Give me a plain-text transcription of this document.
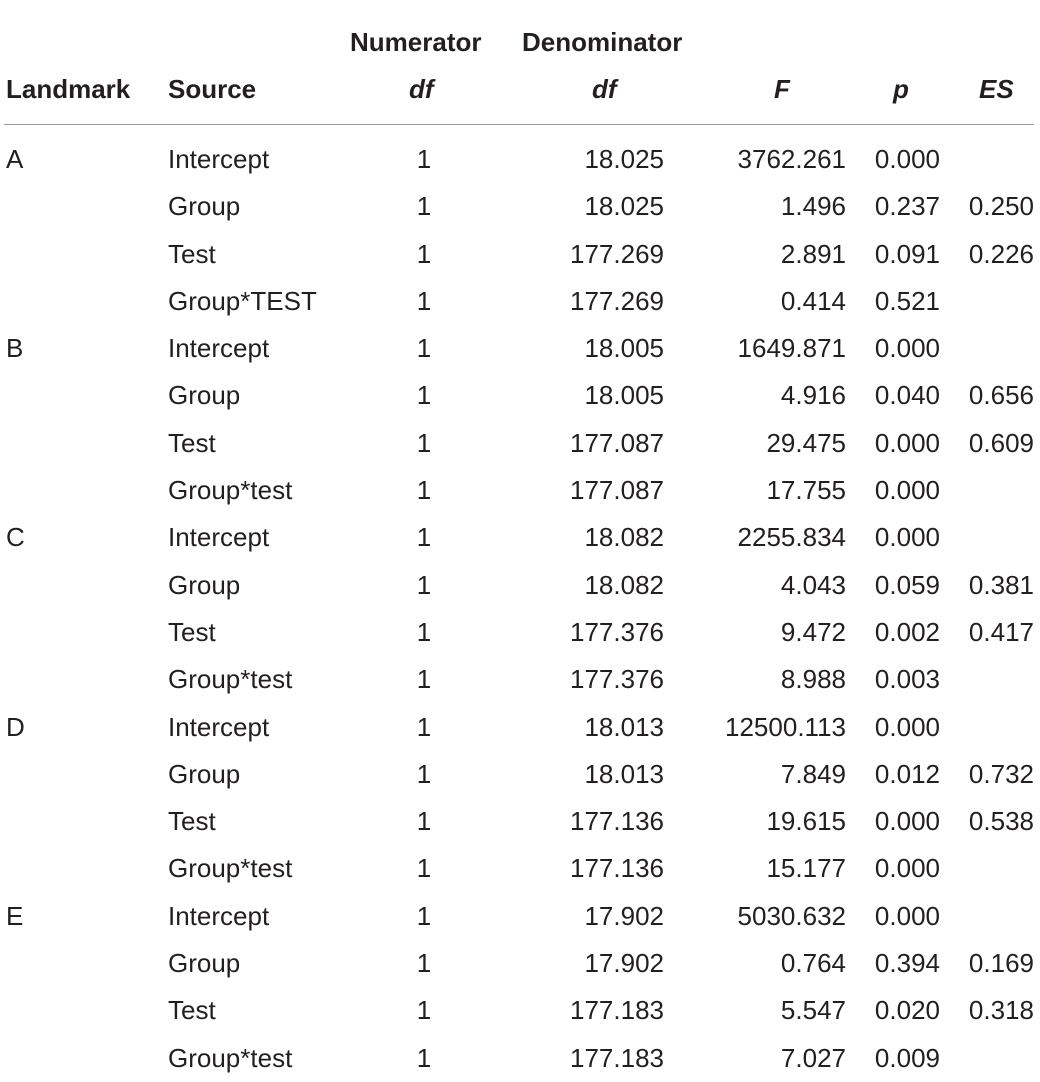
Numerator Denominator
Landmark Source	df	df	F	p	ES
A	Intercept	1	18.025	3762.261 0.000
Group	1	18.025	1.496 0.237 0.250
Test	1	177.269	2.891 0.091 0.226
Group*TEST	1	177.269	0.414 0.521
B	Intercept	1	18.005	1649.871 0.000
Group	1	18.005	4.916 0.040 0.656
Test	1	177.087	29.475 0.000 0.609
Group*test	1	177.087	17.755 0.000
C	Intercept	1	18.082	2255.834 0.000
Group	1	18.082	4.043 0.059 0.381
Test	1	177.376	9.472 0.002 0.417
Group*test	1	177.376	8.988 0.003
D	Intercept	1	18.013 12500.113 0.000
Group	1	18.013	7.849 0.012 0.732
Test	1	177.136	19.615 0.000 0.538
Group*test	1	177.136	15.177 0.000
E	Intercept	1	17.902	5030.632 0.000
Group	1	17.902	0.764 0.394 0.169
Test	1	177.183	5.547 0.020 0.318
Group*test	1	177.183	7.027 0.009
